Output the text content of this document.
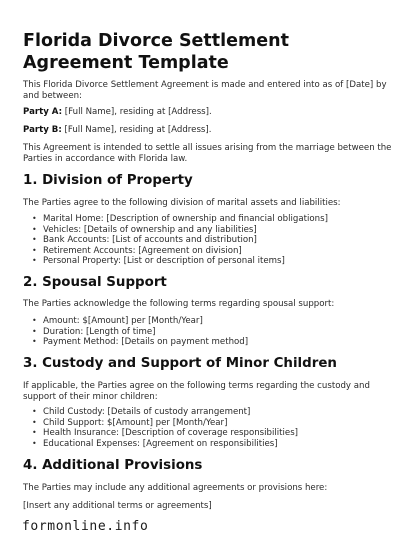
Florida Divorce Settlement Agreement Template
This Florida Divorce Settlement Agreement is made and entered into as of [Date] by and between:
Party A: [Full Name], residing at [Address].
Party B: [Full Name], residing at [Address].
This Agreement is intended to settle all issues arising from the marriage between the Parties in accordance with Florida law.
1. Division of Property
The Parties agree to the following division of marital assets and liabilities:
• Marital Home: [Description of ownership and financial obligations]
• Vehicles: [Details of ownership and any liabilities]
• Bank Accounts: [List of accounts and distribution]
• Retirement Accounts: [Agreement on division]
• Personal Property: [List or description of personal items]
2. Spousal Support
The Parties acknowledge the following terms regarding spousal support:
• Amount: $[Amount] per [Month/Year]
• Duration: [Length of time]
• Payment Method: [Details on payment method]
3. Custody and Support of Minor Children
If applicable, the Parties agree on the following terms regarding the custody and support of their minor children:
• Child Custody: [Details of custody arrangement]
• Child Support: $[Amount] per [Month/Year]
• Health Insurance: [Description of coverage responsibilities]
• Educational Expenses: [Agreement on responsibilities]
4. Additional Provisions
The Parties may include any additional agreements or provisions here:
[Insert any additional terms or agreements]
formonline.info
